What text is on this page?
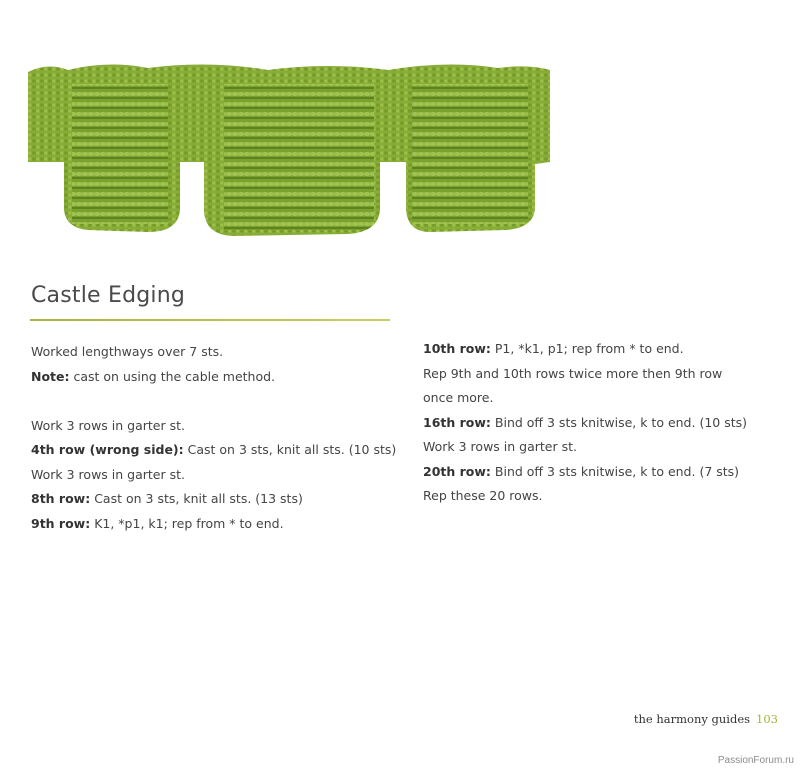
Castle Edging
Worked lengthways over 7 sts.
Note: cast on using the cable method.
Work 3 rows in garter st.
4th row (wrong side): Cast on 3 sts, knit all sts. (10 sts)
Work 3 rows in garter st.
8th row: Cast on 3 sts, knit all sts. (13 sts)
9th row: K1, *p1, k1; rep from * to end.
10th row: P1, *k1, p1; rep from * to end.
Rep 9th and 10th rows twice more then 9th row
once more.
16th row: Bind off 3 sts knitwise, k to end. (10 sts)
Work 3 rows in garter st.
20th row: Bind off 3 sts knitwise, k to end. (7 sts)
Rep these 20 rows.
the harmony guides 103
PassionForum.ru
